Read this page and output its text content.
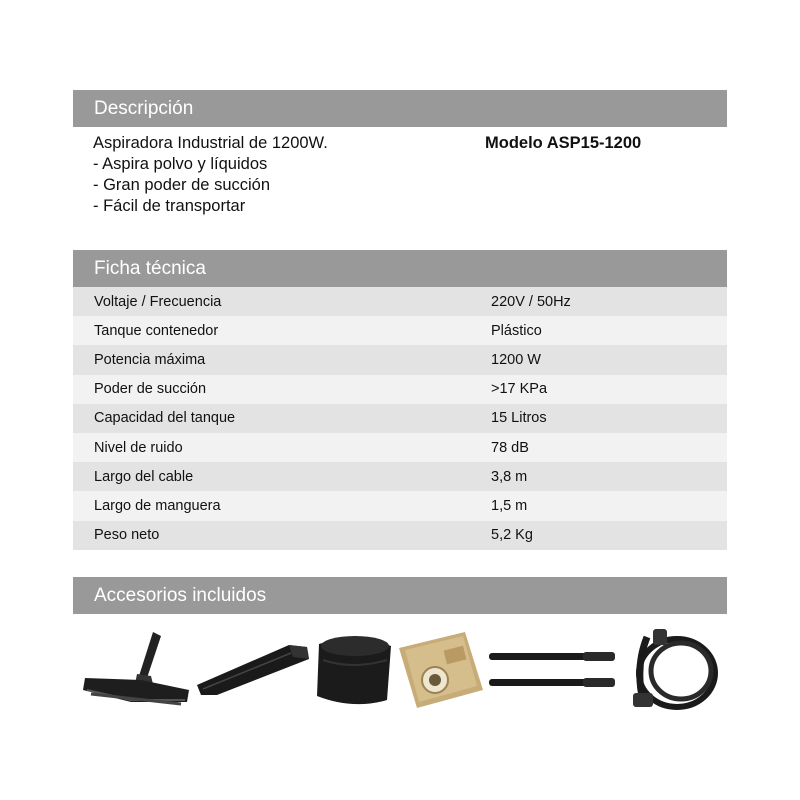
Descripción
Aspiradora Industrial de 1200W.
- Aspira polvo y líquidos
- Gran poder de succión
- Fácil de transportar
Modelo ASP15-1200
Ficha técnica
Voltaje / Frecuencia	220V / 50Hz
Tanque contenedor	Plástico
Potencia máxima	1200 W
Poder de succión	>17 KPa
Capacidad del tanque	15 Litros
Nivel de ruido	78 dB
Largo del cable	3,8 m
Largo de manguera	1,5 m
Peso neto	5,2 Kg
Accesorios incluidos
